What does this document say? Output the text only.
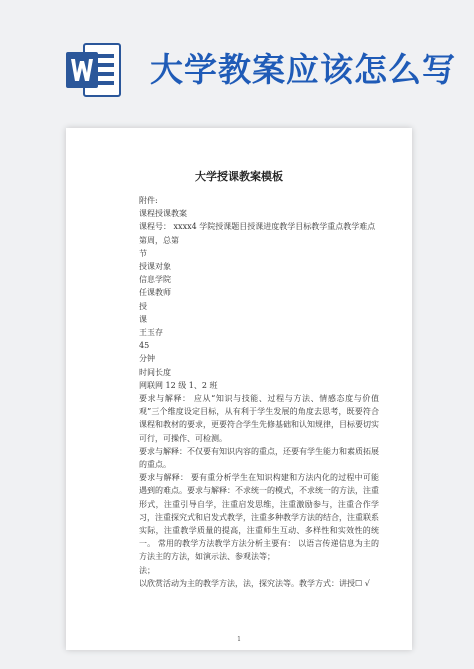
大学教案应该怎么写
大学授课教案模板
附件:
课程授课教案
课程号： xxxx4 学院授课题目授课进度教学目标教学重点教学难点
第周，总第
节
授课对象
信息学院
任课教师
授
课
王玉存
45
分钟
时间长度
网联网 12 级 1、2 班

要求与解释： 应从“知识与技能、过程与方法、情感态度与价值观”三个维度设定目标，从有利于学生发展的角度去思考，既要符合课程和教材的要求，更要符合学生先修基础和认知规律，目标要切实可行，可操作、可检测。

要求与解释：不仅要有知识内容的重点，还要有学生能力和素质拓展的重点。

要求与解释： 要有重分析学生在知识构建和方法内化的过程中可能遇到的难点。要求与解释：不求统一的模式，不求统一的方法，注重形式，注重引导自学，注重启发思维，注重激励参与，注重合作学习，注重探究式和启发式教学，注重多种教学方法的结合，注重联系实际，注重教学质量的提高，注重师生互动、多样性和实效性的统一。 常用的教学方法教学方法分析主要有： 以语言传递信息为主的方法主的方法，如演示法、参观法等；

法；

以欣赏活动为主的教学方法，法，探究法等。教学方式：讲授☐ √

1
